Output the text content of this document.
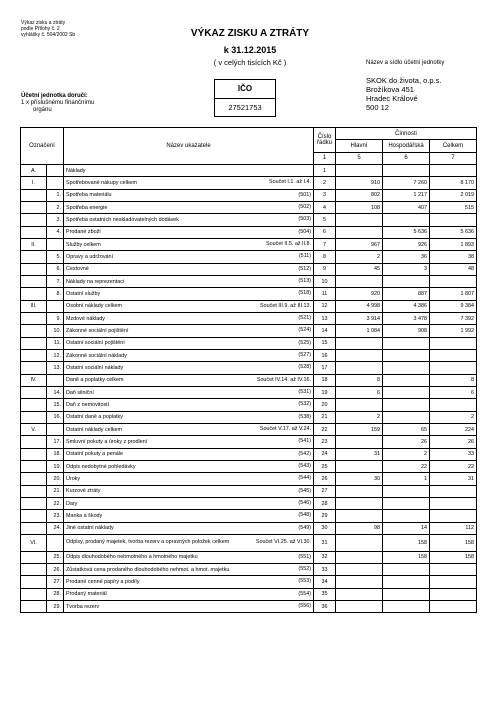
Výkaz zisku a ztráty
podle Přílohy č. 2
vyhlášky č. 504/2002 Sb	VÝKAZ ZISKU A ZTRÁTY
k 31.12.2015
( v celých tisících Kč )
IČO
27521753
Účetní jednotka doručí:
1 x příslušnému finančnímu
orgánu
Název a sídlo účetní jednotky
SKOK do života, o.p.s.
Brožíkova 451
Hradec Králové
500 12
Označení		Název ukazatele	Číslo
řádku	Činnosti		
				Hlavní	Hospodářská	Celkem
			1	5	6	7
A.		Náklady	1			
I.		Spotřebované nákupy celkem Součet I.1. až I.4.	2	910	7 260	8 170
	1.	Spotřeba materiálu (501)	3	802	1 217	2 019
	2.	Spotřeba energie (502)	4	108	407	515
	3.	Spotřeba ostatních neskladovatelných dodávek (503)	5			
	4.	Prodané zboží (504)	6		5 636	5 636
II.		Služby celkem Součet II.5. až II.8.	7	967	926	1 893
	5.	Opravy a udržování (511)	8	2	36	38
	6.	Cestovné (512)	9	45	3	48
	7.	Náklady na reprezentaci (513)	10			
	8.	Ostatní služby (518)	11	920	887	1 807
III.		Osobní náklady celkem Součet III.9. až III.13.	12	4 998	4 386	9 384
	9.	Mzdové náklady (521)	13	3 914	3 478	7 392
	10.	Zákonné sociální pojištění (524)	14	1 084	908	1 992
	11.	Ostatní sociální pojištění (525)	15			
	12.	Zákonné sociální náklady (527)	16			
	13.	Ostatní sociální náklady (528)	17			
IV.		Daně a poplatky celkem Součet IV.14. až IV.16.	18	8		8
	14.	Daň silniční (531)	19	6		6
	15.	Daň z nemovitostí (532)	20			
	16.	Ostatní daně a poplatky (538)	21	2		2
V.		Ostatní náklady celkem Součet V.17. až V.24.	22	159	65	224
	17.	Smluvní pokuty a úroky z prodlení (541)	23		26	26
	18.	Ostatní pokuty a penále (542)	24	31	2	33
	19.	Odpis nedobytné pohledávky (543)	25		22	22
	20.	Úroky (544)	26	30	1	31
	21.	Kurzové ztráty (545)	27			
	22.	Dary (546)	28			
	23.	Manka a škody (548)	29			
	24.	Jiné ostatní náklady (549)	30	98	14	112
VI.		Odpisy, prodaný majetek, tvorba rezerv a opravných položek celkem Součet VI.25. až VI.30.	31		158	158
	25.	Odpis dlouhodobého nehmotného a hmotného majetku (551)	32		158	158
	26.	Zůstatková cena prodaného dlouhodobého nehmot. a hmot. majetku (552)	33			
	27.	Prodané cenné papíry a podíly (553)	34			
	28.	Prodaný materiál (554)	35			
	29.	Tvorba rezerv (556)	36			
